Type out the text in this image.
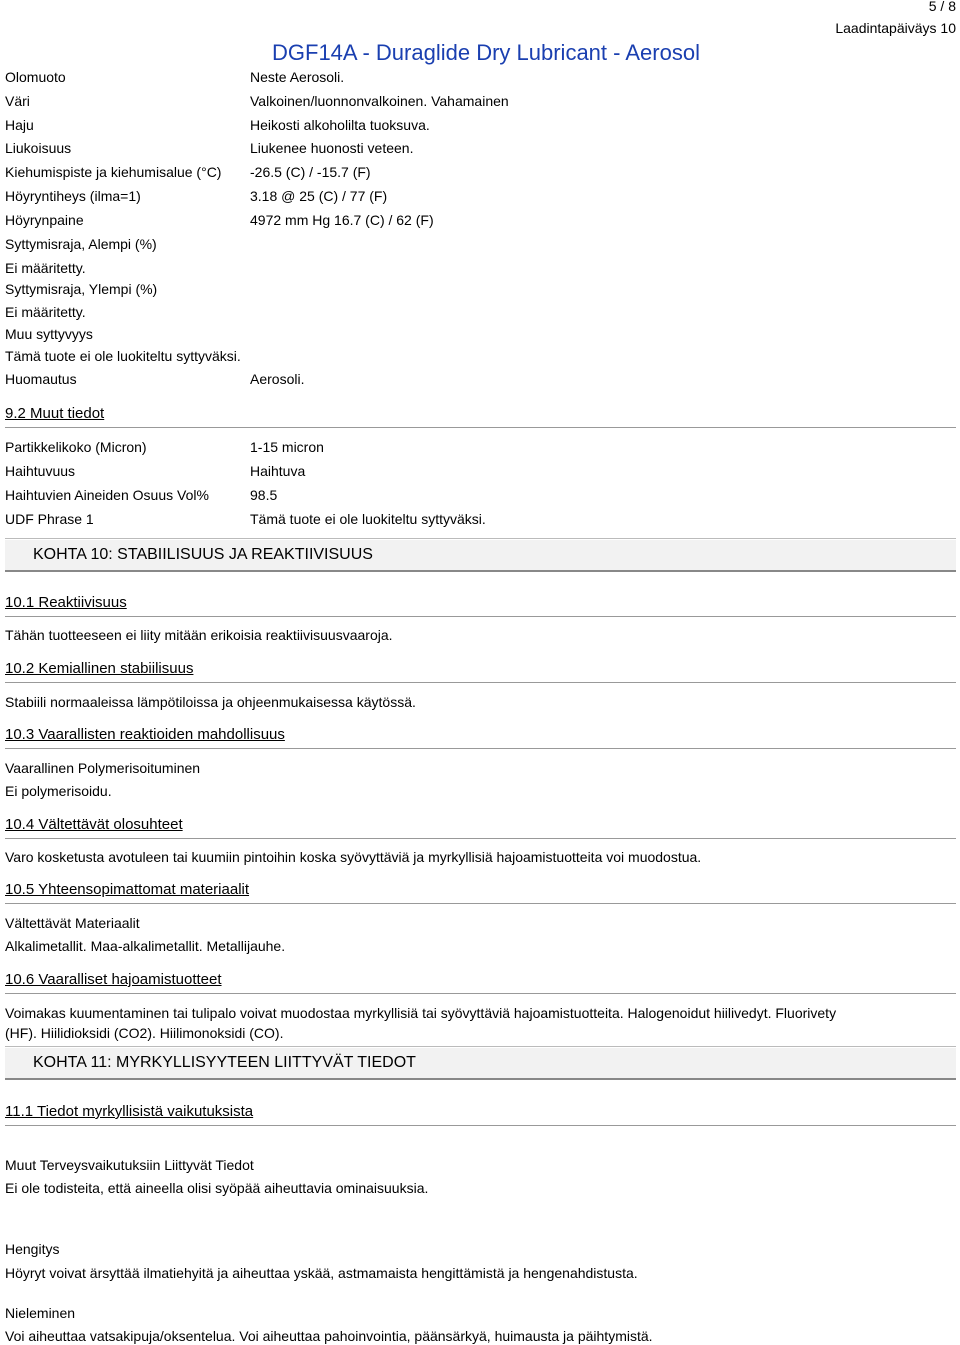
5 / 8
Laadintapäiväys 10
DGF14A - Duraglide Dry Lubricant - Aerosol
Olomuoto	Neste Aerosoli.
Väri	Valkoinen/luonnonvalkoinen. Vahamainen
Haju	Heikosti alkoholilta tuoksuva.
Liukoisuus	Liukenee huonosti veteen.
Kiehumispiste ja kiehumisalue (°C) -26.5 (C) / -15.7 (F)
Höyryntiheys (ilma=1)	3.18 @ 25 (C) / 77 (F)
Höyrynpaine	4972 mm Hg 16.7 (C) / 62 (F)
Syttymisraja, Alempi (%)
Ei määritetty.
Syttymisraja, Ylempi (%)
Ei määritetty.
Muu syttyvyys
Tämä tuote ei ole luokiteltu syttyväksi.
Huomautus	Aerosoli.
9.2 Muut tiedot
Partikkelikoko (Micron)	1-15 micron
Haihtuvuus	Haihtuva
Haihtuvien Aineiden Osuus Vol%	98.5
UDF Phrase 1	Tämä tuote ei ole luokiteltu syttyväksi.
KOHTA 10: STABIILISUUS JA REAKTIIVISUUS
10.1 Reaktiivisuus
Tähän tuotteeseen ei liity mitään erikoisia reaktiivisuusvaaroja.
10.2 Kemiallinen stabiilisuus
Stabiili normaaleissa lämpötiloissa ja ohjeenmukaisessa käytössä.
10.3 Vaarallisten reaktioiden mahdollisuus
Vaarallinen Polymerisoituminen
Ei polymerisoidu.
10.4 Vältettävät olosuhteet
Varo kosketusta avotuleen tai kuumiin pintoihin koska syövyttäviä ja myrkyllisiä hajoamistuotteita voi muodostua.
10.5 Yhteensopimattomat materiaalit
Vältettävät Materiaalit
Alkalimetallit. Maa-alkalimetallit. Metallijauhe.
10.6 Vaaralliset hajoamistuotteet
Voimakas kuumentaminen tai tulipalo voivat muodostaa myrkyllisiä tai syövyttäviä hajoamistuotteita. Halogenoidut hiilivedyt. Fluorivety
(HF). Hiilidioksidi (CO2). Hiilimonoksidi (CO).
KOHTA 11: MYRKYLLISYYTEEN LIITTYVÄT TIEDOT
11.1 Tiedot myrkyllisistä vaikutuksista
Muut Terveysvaikutuksiin Liittyvät Tiedot
Ei ole todisteita, että aineella olisi syöpää aiheuttavia ominaisuuksia.
Hengitys
Höyryt voivat ärsyttää ilmatiehyitä ja aiheuttaa yskää, astmamaista hengittämistä ja hengenahdistusta.
Nieleminen
Voi aiheuttaa vatsakipuja/oksentelua. Voi aiheuttaa pahoinvointia, päänsärkyä, huimausta ja päihtymistä.
